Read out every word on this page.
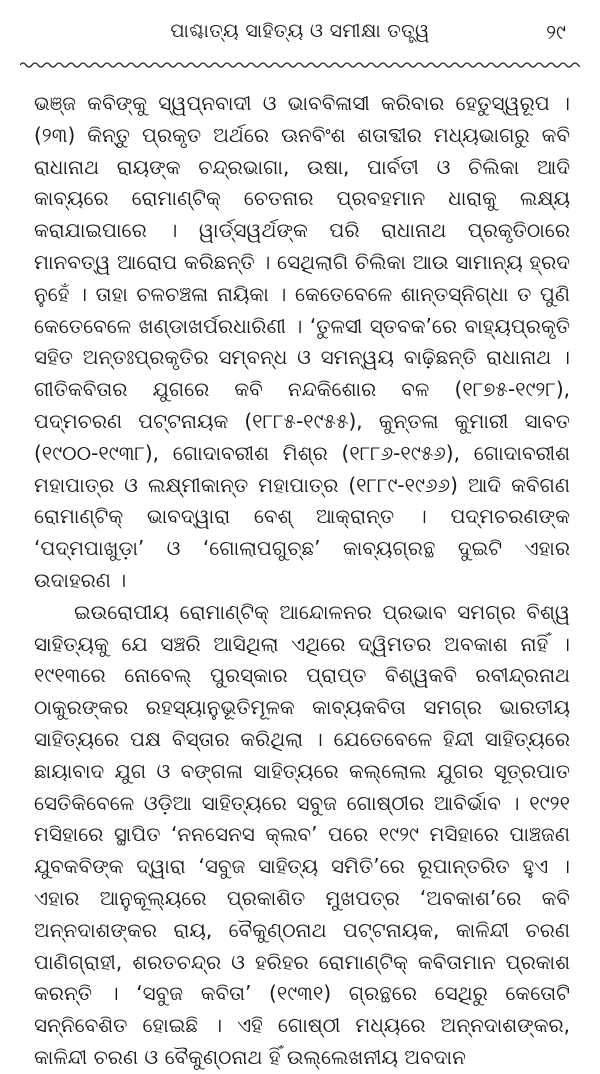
ପାଶ୍ଚାତ୍ୟ ସାହିତ୍ୟ ଓ ସମୀକ୍ଷା ତତ୍ତ୍ୱ	୨୯

ଭଞ୍ଜ କବିଙ୍କୁ ସ୍ୱପ୍ନବାଦୀ ଓ ଭାବବିଳାସୀ କରିବାର ହେତୁସ୍ୱରୂପ । (୨୩) କିନ୍ତୁ ପ୍ରକୃତ ଅର୍ଥରେ ଊନବିଂଶ ଶତାବ୍ଦୀର ମଧ୍ୟଭାଗରୁ କବି ରାଧାନାଥ ରାୟଙ୍କ ଚନ୍ଦ୍ରଭାଗା, ଉଷା, ପାର୍ବତୀ ଓ ଚିଲିକା ଆଦି କାବ୍ୟରେ ରୋମାଣ୍ଟିକ୍ ଚେତନାର ପ୍ରବହମାନ ଧାରାକୁ ଲକ୍ଷ୍ୟ କରାଯାଇପାରେ । ୱାର୍ଡ୍‌ସୱର୍ଥଙ୍କ ପରି ରାଧାନାଥ ପ୍ରକୃତିଠାରେ ମାନବତ୍ୱ ଆରୋପ କରିଛନ୍ତି । ସେଥିଲାଗି ଚିଲିକା ଆଉ ସାମାନ୍ୟ ହ୍ରଦ ନୁହେଁ । ତାହା ଚଳଚଞ୍ଚଳା ନାୟିକା । କେତେବେଳେ ଶାନ୍ତସ୍ନିଗ୍ଧା ତ ପୁଣି କେତେବେଳେ ଖଣ୍ଡାଖର୍ପରଧାରିଣୀ । ‘ତୁଳସୀ ସ୍ତବକ’ରେ ବାହ୍ୟପ୍ରକୃତି ସହିତ ଅନ୍ତଃପ୍ରକୃତିର ସମ୍ବନ୍ଧ ଓ ସମନ୍ୱୟ ବାଢ଼ିଛନ୍ତି ରାଧାନାଥ । ଗୀତିକବିତାର ଯୁଗରେ କବି ନନ୍ଦକିଶୋର ବଳ (୧୮୭୫-୧୯୨୮), ପଦ୍ମଚରଣ ପଟ୍ଟନାୟକ (୧୮୮୫-୧୯୫୫), କୁନ୍ତଳା କୁମାରୀ ସାବତ (୧୯୦୦-୧୯୩୮), ଗୋଦାବରୀଶ ମିଶ୍ର (୧୮୮୬-୧୯୫୬), ଗୋଦାବରୀଶ ମହାପାତ୍ର ଓ ଲକ୍ଷ୍ମୀକାନ୍ତ ମହାପାତ୍ର (୧୮୮୯-୧୯୬୬) ଆଦି କବିଗଣ ରୋମାଣ୍ଟିକ୍ ଭାବଦ୍ୱାରା ବେଶ୍ ଆକ୍ରାନ୍ତ । ପଦ୍ମଚରଣଙ୍କ ‘ପଦ୍ମପାଖୁଡ଼ା’ ଓ ‘ଗୋଲାପଗୁଚ୍ଛ’ କାବ୍ୟଗ୍ରନ୍ଥ ଦୁଇଟି ଏହାର ଉଦାହରଣ ।

ଇଉରୋପୀୟ ରୋମାଣ୍ଟିକ୍ ଆନ୍ଦୋଳନର ପ୍ରଭାବ ସମଗ୍ର ବିଶ୍ୱ ସାହିତ୍ୟକୁ ଯେ ସଞ୍ଚରି ଆସିଥିଲା ଏଥିରେ ଦ୍ୱିମତର ଅବକାଶ ନାହିଁ । ୧୯୧୩ରେ ନୋବେଲ୍ ପୁରସ୍କାର ପ୍ରାପ୍ତ ବିଶ୍ୱକବି ରବୀନ୍ଦ୍ରନାଥ ଠାକୁରଙ୍କର ରହସ୍ୟାନୁଭୂତିମୂଳକ କାବ୍ୟକବିତା ସମଗ୍ର ଭାରତୀୟ ସାହିତ୍ୟରେ ପକ୍ଷ ବିସ୍ତାର କରିଥିଲା । ଯେତେବେଳେ ହିନ୍ଦୀ ସାହିତ୍ୟରେ ଛାୟାବାଦ ଯୁଗ ଓ ବଙ୍ଗଳା ସାହିତ୍ୟରେ କଲ୍ଲୋଲ ଯୁଗର ସୂତ୍ରପାତ ସେତିକିବେଳେ ଓଡ଼ିଆ ସାହିତ୍ୟରେ ସବୁଜ ଗୋଷ୍ଠୀର ଆବିର୍ଭାବ । ୧୯୨୧ ମସିହାରେ ସ୍ଥାପିତ ‘ନନସେନସ କ୍ଲବ’ ପରେ ୧୯୨୯ ମସିହାରେ ପାଞ୍ଚଜଣ ଯୁବକବିଙ୍କ ଦ୍ୱାରା ‘ସବୁଜ ସାହିତ୍ୟ ସମିତି’ରେ ରୂପାନ୍ତରିତ ହୁଏ । ଏହାର ଆନୁକୂଲ୍ୟରେ ପ୍ରକାଶିତ ମୁଖପତ୍ର ‘ଅବକାଶ’ରେ କବି ଅନ୍ନଦାଶଙ୍କର ରାୟ, ବୈକୁଣ୍ଠନାଥ ପଟ୍ଟନାୟକ, କାଳିନ୍ଦୀ ଚରଣ ପାଣିଗ୍ରାହୀ, ଶରତଚନ୍ଦ୍ର ଓ ହରିହର ରୋମାଣ୍ଟିକ୍ କବିତାମାନ ପ୍ରକାଶ କରନ୍ତି । ‘ସବୁଜ କବିତା’ (୧୯୩୧) ଗ୍ରନ୍ଥରେ ସେଥିରୁ କେତୋଟି ସନ୍ନିବେଶିତ ହୋଇଛି । ଏହି ଗୋଷ୍ଠୀ ମଧ୍ୟରେ ଅନ୍ନଦାଶଙ୍କର, କାଳିନ୍ଦୀ ଚରଣ ଓ ବୈକୁଣ୍ଠନାଥ ହିଁ ଉଲ୍ଲେଖନୀୟ ଅବଦାନ
